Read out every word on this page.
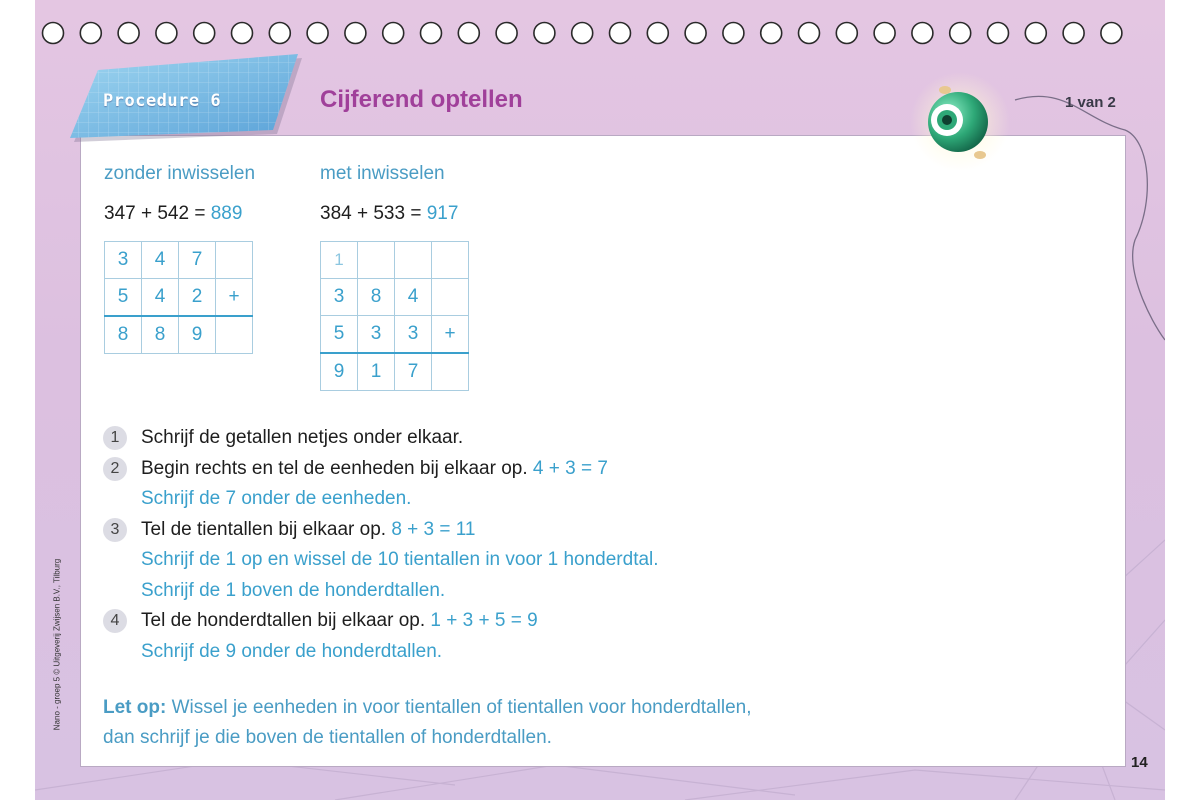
Procedure 6	Cijferend optellen	1 van 2
zonder inwisselen	met inwisselen
347 + 542 = 889	384 + 533 = 917
3	4	7	
5	4	2	+
8	8	9	
1			
3	8	4	
5	3	3	+
9	1	7	
1	Schrijf de getallen netjes onder elkaar.
2	Begin rechts en tel de eenheden bij elkaar op. 4 + 3 = 7
Schrijf de 7 onder de eenheden.
3	Tel de tientallen bij elkaar op. 8 + 3 = 11
Schrijf de 1 op en wissel de 10 tientallen in voor 1 honderdtal.
Schrijf de 1 boven de honderdtallen.
4	Tel de honderdtallen bij elkaar op. 1 + 3 + 5 = 9
Schrijf de 9 onder de honderdtallen.
Let op: Wissel je eenheden in voor tientallen of tientallen voor honderdtallen,
dan schrijf je die boven de tientallen of honderdtallen.
14
Nano - groep 5 © Uitgeverij Zwijsen B.V., Tilburg
